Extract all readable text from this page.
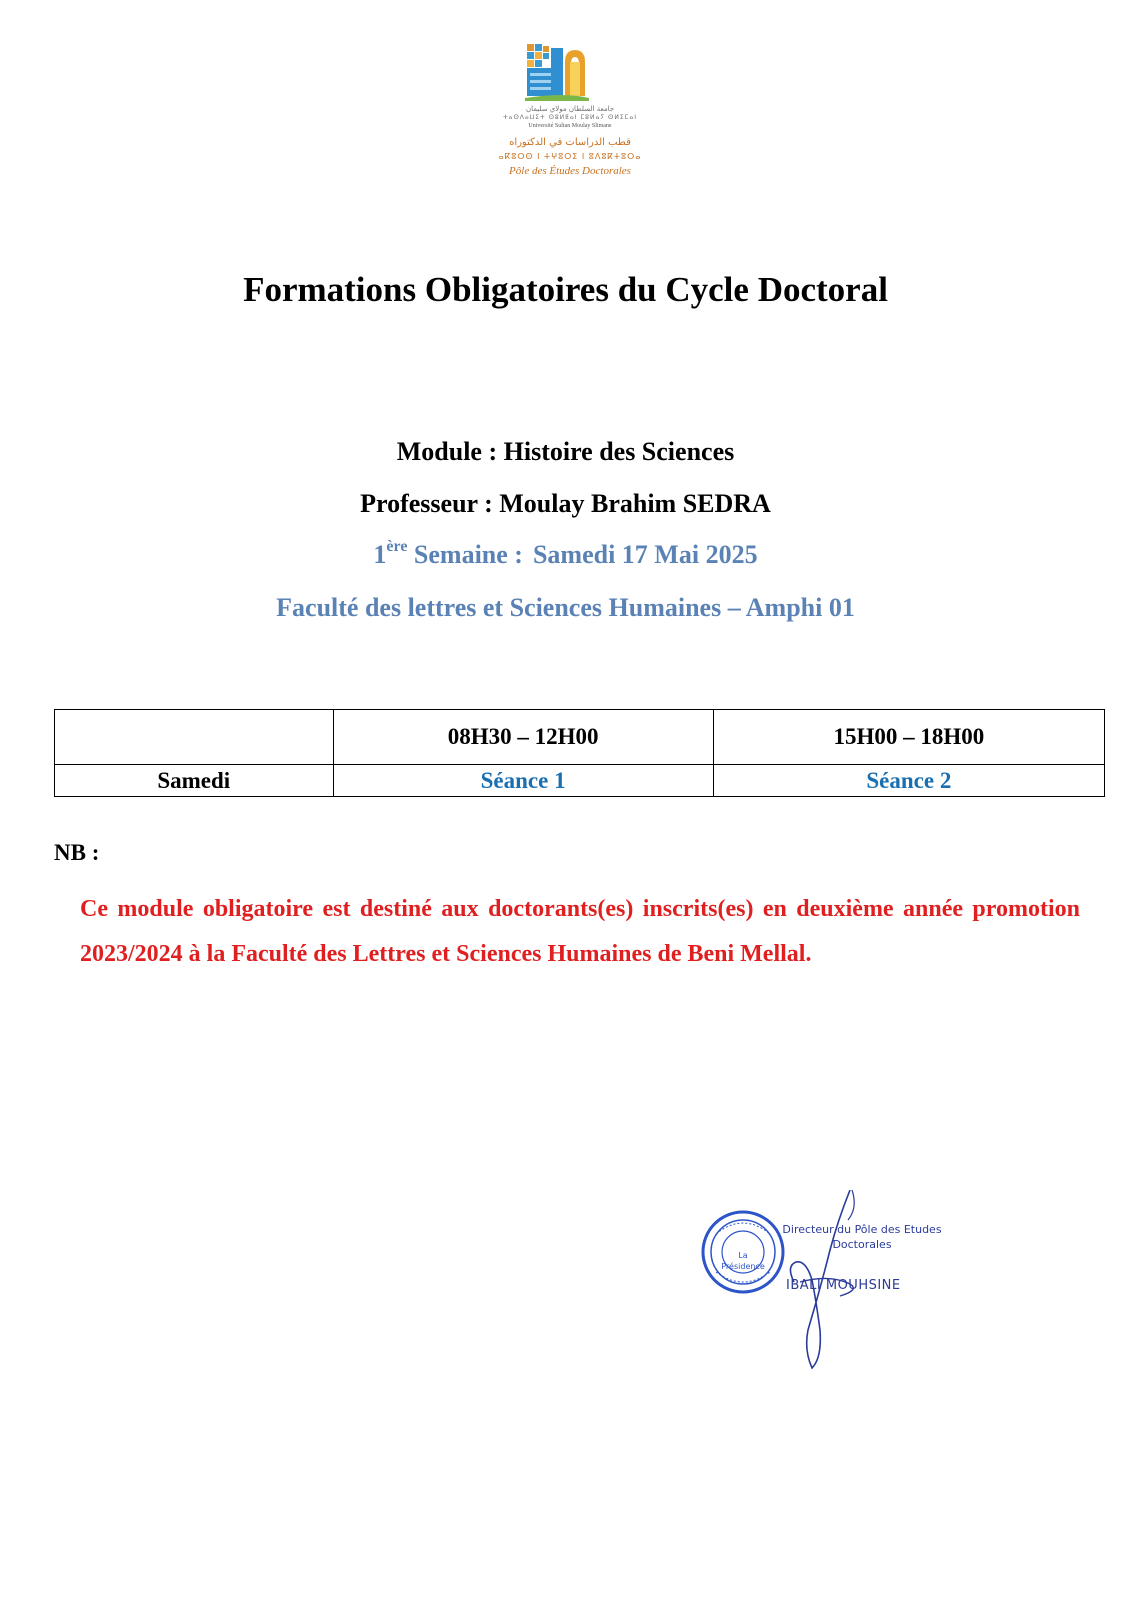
جامعة السلطان مولاي سليمان
ⵜⴰⵙⴷⴰⵡⵉⵜ ⵙⵓⵍⵟⴰⵏ ⵎⵓⵍⴰⵢ ⵙⵍⵉⵎⴰⵏ
Université Sultan Moulay Slimane
قطب الدراسات في الدكتوراه
ⴰⴽⵓⵔⵙ ⵏ ⵜⵖⵓⵔⵉ ⵏ ⵓⴷⵓⴽⵜⵓⵔⴰ
Pôle des Études Doctorales
Formations Obligatoires du Cycle Doctoral
Module : Histoire des Sciences
Professeur : Moulay Brahim SEDRA
1ère Semaine : Samedi 17 Mai 2025
Faculté des lettres et Sciences Humaines – Amphi 01
	08H30 – 12H00	15H00 – 18H00
Samedi	Séance 1	Séance 2
NB :

Ce module obligatoire est destiné aux doctorants(es) inscrits(es) en deuxième année promotion 2023/2024 à la Faculté des Lettres et Sciences Humaines de Beni Mellal.

La Présidence
Directeur du Pôle des Etudes Doctorales
IBALI MOUHSINE
